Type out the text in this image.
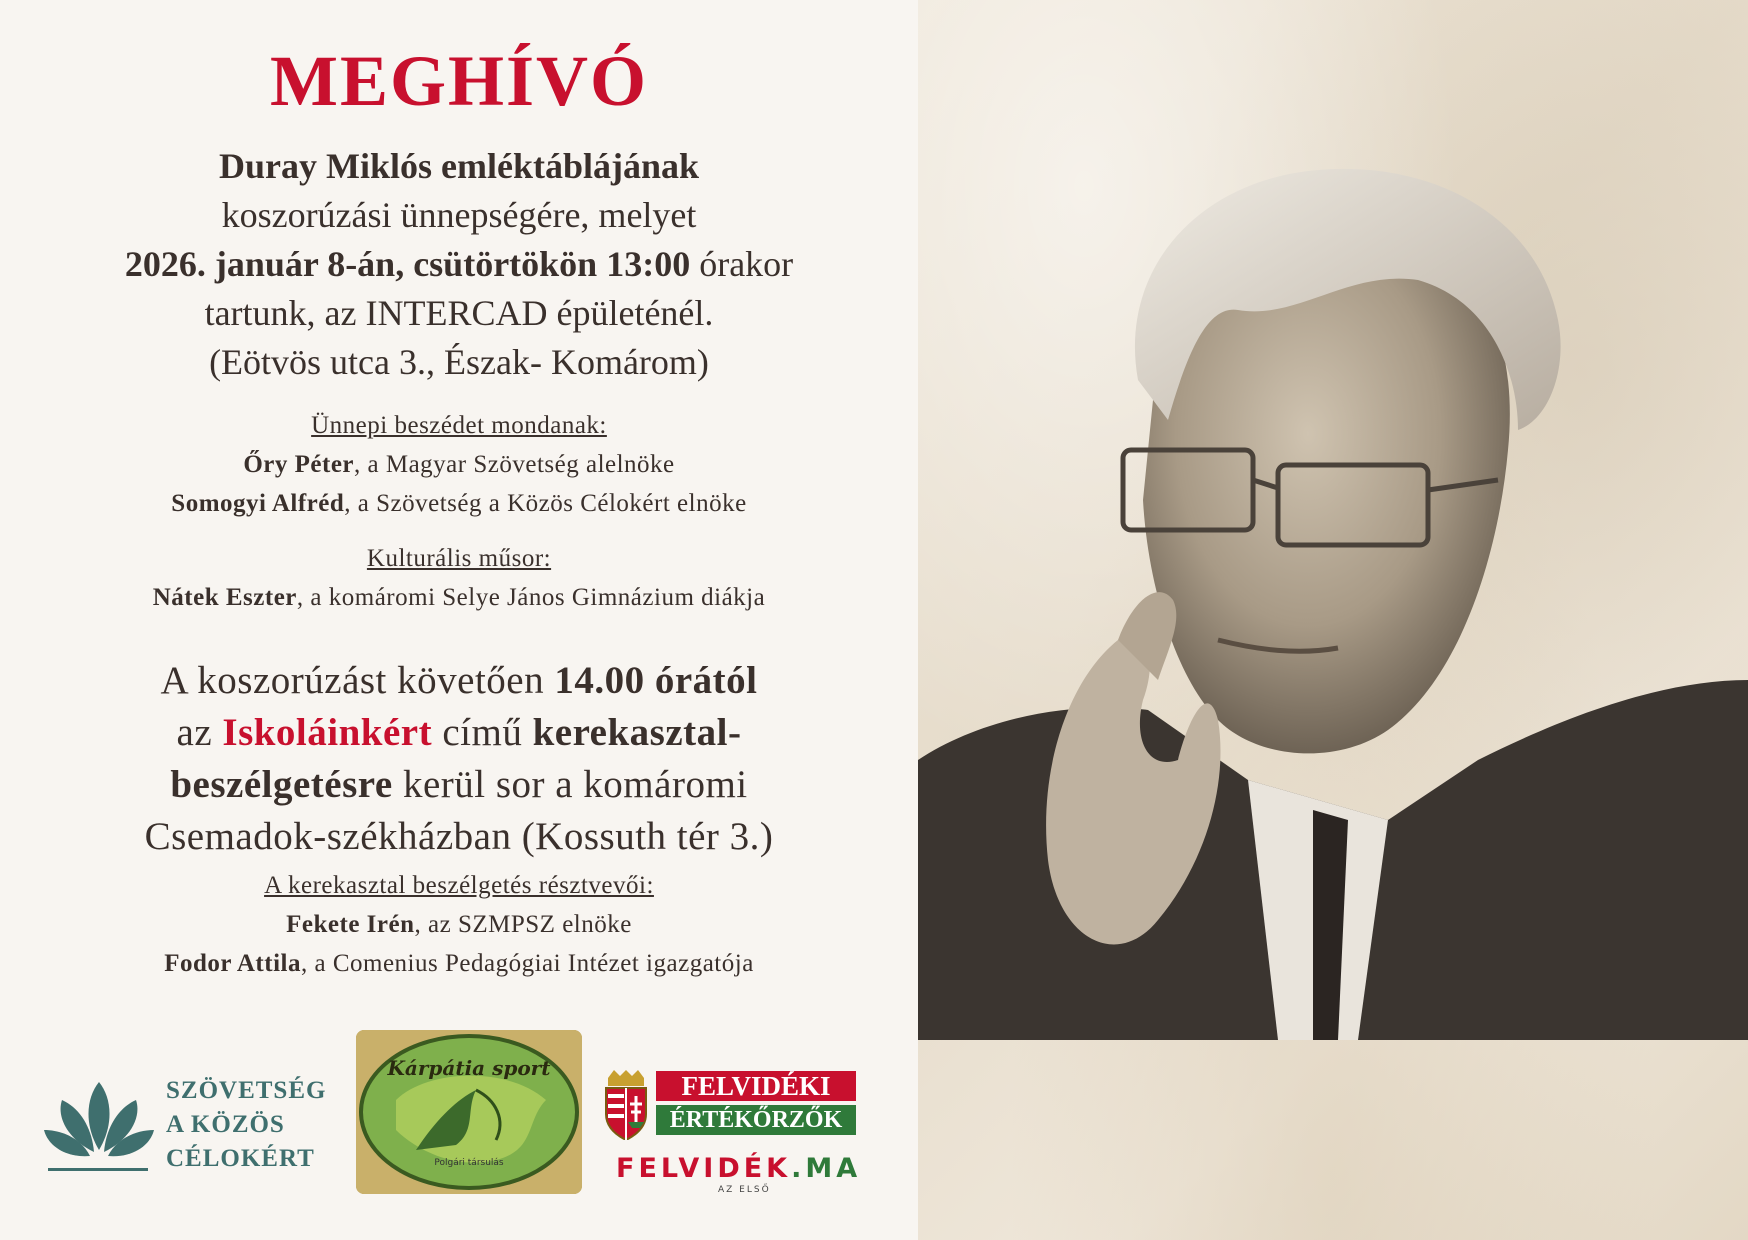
MEGHÍVÓ
Duray Miklós emléktáblájának
koszorúzási ünnepségére, melyet
2026. január 8-án, csütörtökön 13:00 órakor
tartunk, az INTERCAD épületénél.
(Eötvös utca 3., Észak- Komárom)
Ünnepi beszédet mondanak:
Őry Péter, a Magyar Szövetség alelnöke
Somogyi Alfréd, a Szövetség a Közös Célokért elnöke
Kulturális műsor:
Nátek Eszter, a komáromi Selye János Gimnázium diákja
A koszorúzást követően 14.00 órától
az Iskoláinkért című kerekasztal-
beszélgetésre kerül sor a komáromi
Csemadok-székházban (Kossuth tér 3.)
A kerekasztal beszélgetés résztvevői:
Fekete Irén, az SZMPSZ elnöke
Fodor Attila, a Comenius Pedagógiai Intézet igazgatója
SZÖVETSÉG
A KÖZÖS
CÉLOKÉRT
Kárpátia sport
Polgári társulás
FELVIDÉKI
ÉRTÉKŐRZŐK
FELVIDÉK.MA
AZ ELSŐ
